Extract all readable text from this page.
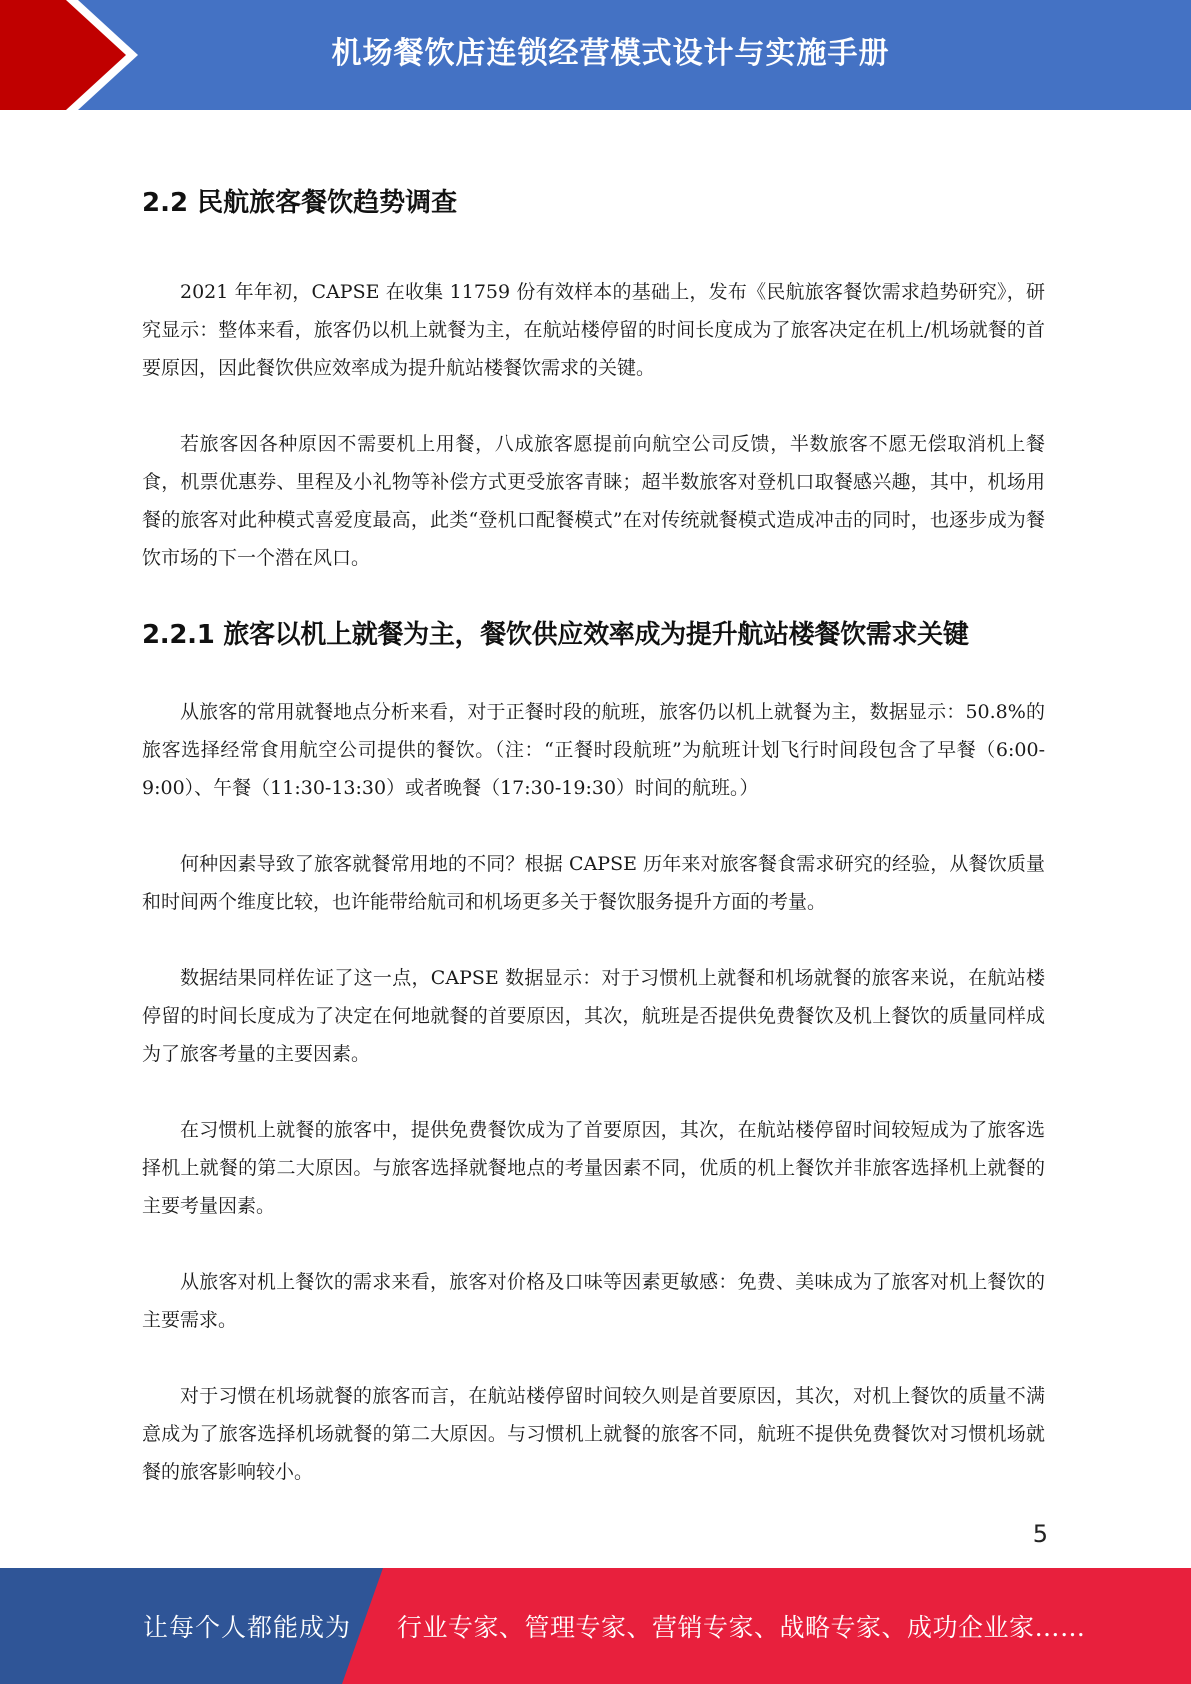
机场餐饮店连锁经营模式设计与实施手册
2.2 民航旅客餐饮趋势调查

2021 年年初，CAPSE 在收集 11759 份有效样本的基础上，发布《民航旅客餐饮需求趋势研究》，研究显示：整体来看，旅客仍以机上就餐为主，在航站楼停留的时间长度成为了旅客决定在机上/机场就餐的首要原因，因此餐饮供应效率成为提升航站楼餐饮需求的关键。

若旅客因各种原因不需要机上用餐，八成旅客愿提前向航空公司反馈，半数旅客不愿无偿取消机上餐食，机票优惠券、里程及小礼物等补偿方式更受旅客青睐；超半数旅客对登机口取餐感兴趣，其中，机场用餐的旅客对此种模式喜爱度最高，此类“登机口配餐模式”在对传统就餐模式造成冲击的同时，也逐步成为餐饮市场的下一个潜在风口。

2.2.1 旅客以机上就餐为主，餐饮供应效率成为提升航站楼餐饮需求关键

从旅客的常用就餐地点分析来看，对于正餐时段的航班，旅客仍以机上就餐为主，数据显示：50.8%的旅客选择经常食用航空公司提供的餐饮。（注：“正餐时段航班”为航班计划飞行时间段包含了早餐（6:00-9:00）、午餐（11:30-13:30）或者晚餐（17:30-19:30）时间的航班。）

何种因素导致了旅客就餐常用地的不同？根据 CAPSE 历年来对旅客餐食需求研究的经验，从餐饮质量和时间两个维度比较，也许能带给航司和机场更多关于餐饮服务提升方面的考量。

数据结果同样佐证了这一点，CAPSE 数据显示：对于习惯机上就餐和机场就餐的旅客来说，在航站楼停留的时间长度成为了决定在何地就餐的首要原因，其次，航班是否提供免费餐饮及机上餐饮的质量同样成为了旅客考量的主要因素。

在习惯机上就餐的旅客中，提供免费餐饮成为了首要原因，其次，在航站楼停留时间较短成为了旅客选择机上就餐的第二大原因。与旅客选择就餐地点的考量因素不同，优质的机上餐饮并非旅客选择机上就餐的主要考量因素。

从旅客对机上餐饮的需求来看，旅客对价格及口味等因素更敏感：免费、美味成为了旅客对机上餐饮的主要需求。

对于习惯在机场就餐的旅客而言，在航站楼停留时间较久则是首要原因，其次，对机上餐饮的质量不满意成为了旅客选择机场就餐的第二大原因。与习惯机上就餐的旅客不同，航班不提供免费餐饮对习惯机场就餐的旅客影响较小。

5
让每个人都能成为 行业专家、管理专家、营销专家、战略专家、成功企业家……
